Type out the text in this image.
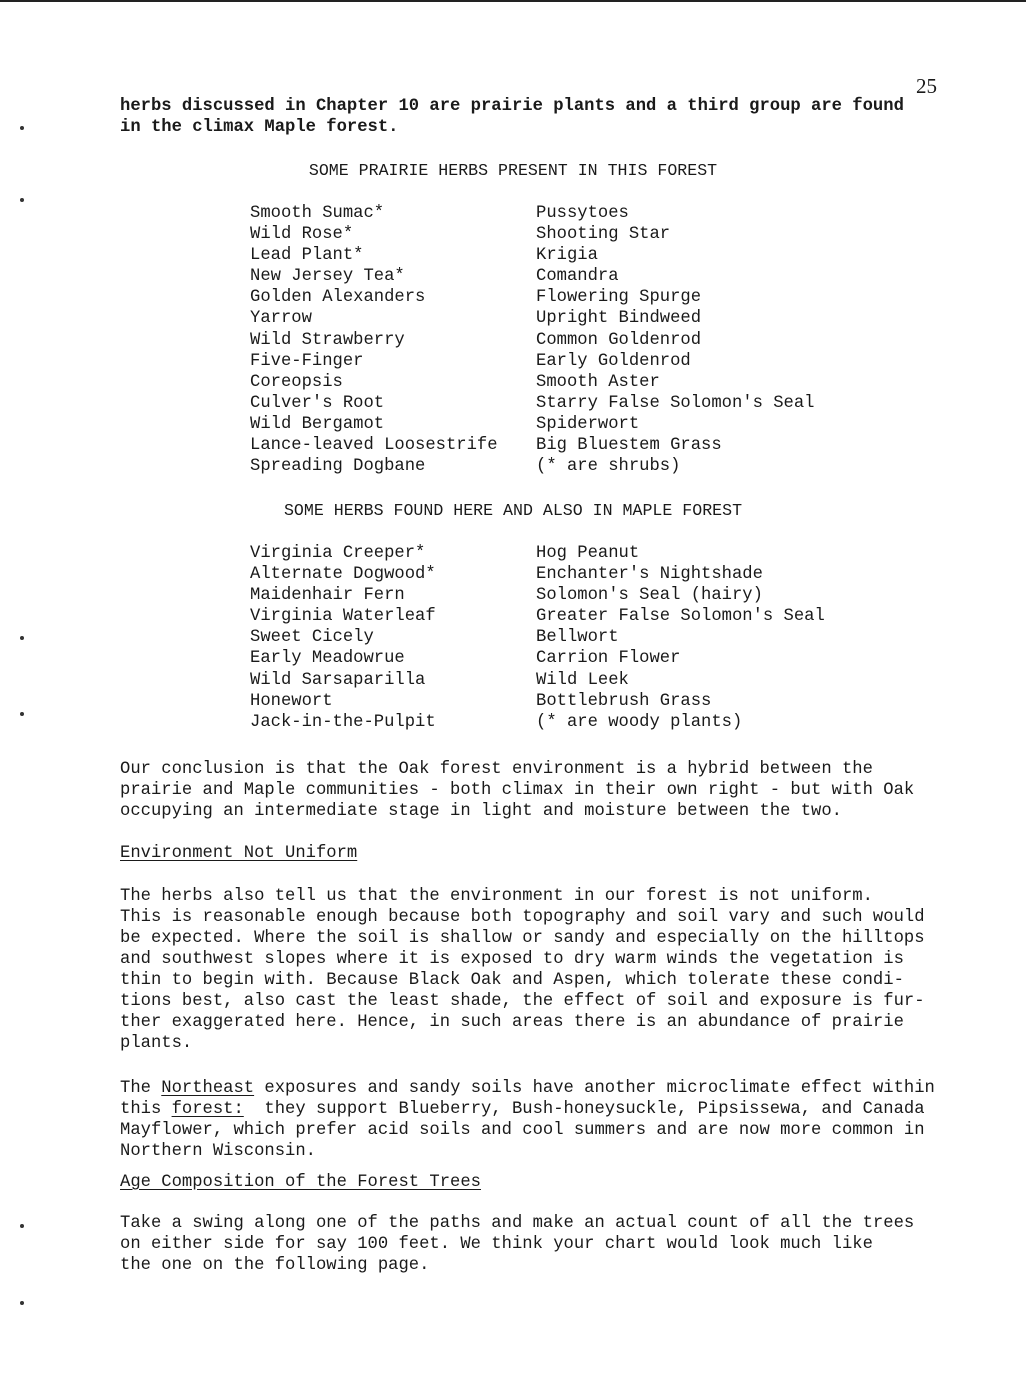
25
herbs discussed in Chapter 10 are prairie plants and a third group are found
in the climax Maple forest.
SOME PRAIRIE HERBS PRESENT IN THIS FOREST
Smooth Sumac*
Wild Rose*
Lead Plant*
New Jersey Tea*
Golden Alexanders
Yarrow
Wild Strawberry
Five-Finger
Coreopsis
Culver's Root
Wild Bergamot
Lance-leaved Loosestrife
Spreading Dogbane
Pussytoes
Shooting Star
Krigia
Comandra
Flowering Spurge
Upright Bindweed
Common Goldenrod
Early Goldenrod
Smooth Aster
Starry False Solomon's Seal
Spiderwort
Big Bluestem Grass
(* are shrubs)
SOME HERBS FOUND HERE AND ALSO IN MAPLE FOREST
Virginia Creeper*
Alternate Dogwood*
Maidenhair Fern
Virginia Waterleaf
Sweet Cicely
Early Meadowrue
Wild Sarsaparilla
Honewort
Jack-in-the-Pulpit
Hog Peanut
Enchanter's Nightshade
Solomon's Seal (hairy)
Greater False Solomon's Seal
Bellwort
Carrion Flower
Wild Leek
Bottlebrush Grass
(* are woody plants)
Our conclusion is that the Oak forest environment is a hybrid between the
prairie and Maple communities - both climax in their own right - but with Oak
occupying an intermediate stage in light and moisture between the two.
Environment Not Uniform
The herbs also tell us that the environment in our forest is not uniform.
This is reasonable enough because both topography and soil vary and such would
be expected. Where the soil is shallow or sandy and especially on the hilltops
and southwest slopes where it is exposed to dry warm winds the vegetation is
thin to begin with. Because Black Oak and Aspen, which tolerate these condi-
tions best, also cast the least shade, the effect of soil and exposure is fur-
ther exaggerated here. Hence, in such areas there is an abundance of prairie
plants.
The Northeast exposures and sandy soils have another microclimate effect within
this forest:  they support Blueberry, Bush-honeysuckle, Pipsissewa, and Canada
Mayflower, which prefer acid soils and cool summers and are now more common in
Northern Wisconsin.
Age Composition of the Forest Trees
Take a swing along one of the paths and make an actual count of all the trees
on either side for say 100 feet. We think your chart would look much like
the one on the following page.
